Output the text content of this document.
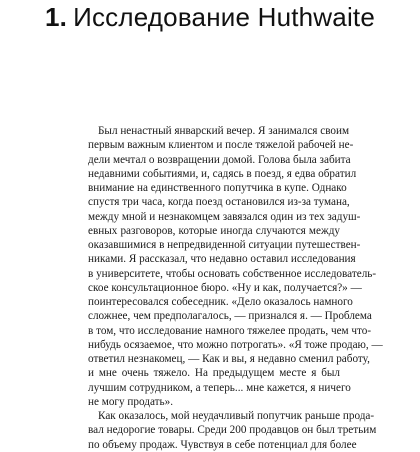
1. Исследование Huthwaite
Был ненастный январский вечер. Я занимался своим
первым важным клиентом и после тяжелой рабочей не-
дели мечтал о возвращении домой. Голова была забита
недавними событиями, и, садясь в поезд, я едва обратил
внимание на единственного попутчика в купе. Однако
спустя три часа, когда поезд остановился из-за тумана,
между мной и незнакомцем завязался один из тех задуш-
евных разговоров, которые иногда случаются между
оказавшимися в непредвиденной ситуации путешествен-
никами. Я рассказал, что недавно оставил исследования
в университете, чтобы основать собственное исследователь-
ское консультационное бюро. «Ну и как, получается?» —
поинтересовался собеседник. «Дело оказалось намного
сложнее, чем предполагалось, — признался я. — Проблема
в том, что исследование намного тяжелее продать, чем что-
нибудь осязаемое, что можно потрогать». «Я тоже продаю, —
ответил незнакомец, — Как и вы, я недавно сменил работу,
и мне очень тяжело. На предыдущем месте я был
лучшим сотрудником, а теперь... мне кажется, я ничего
не могу продать».
Как оказалось, мой неудачливый попутчик раньше прода-
вал недорогие товары. Среди 200 продавцов он был третьим
по объему продаж. Чувствуя в себе потенциал для более
